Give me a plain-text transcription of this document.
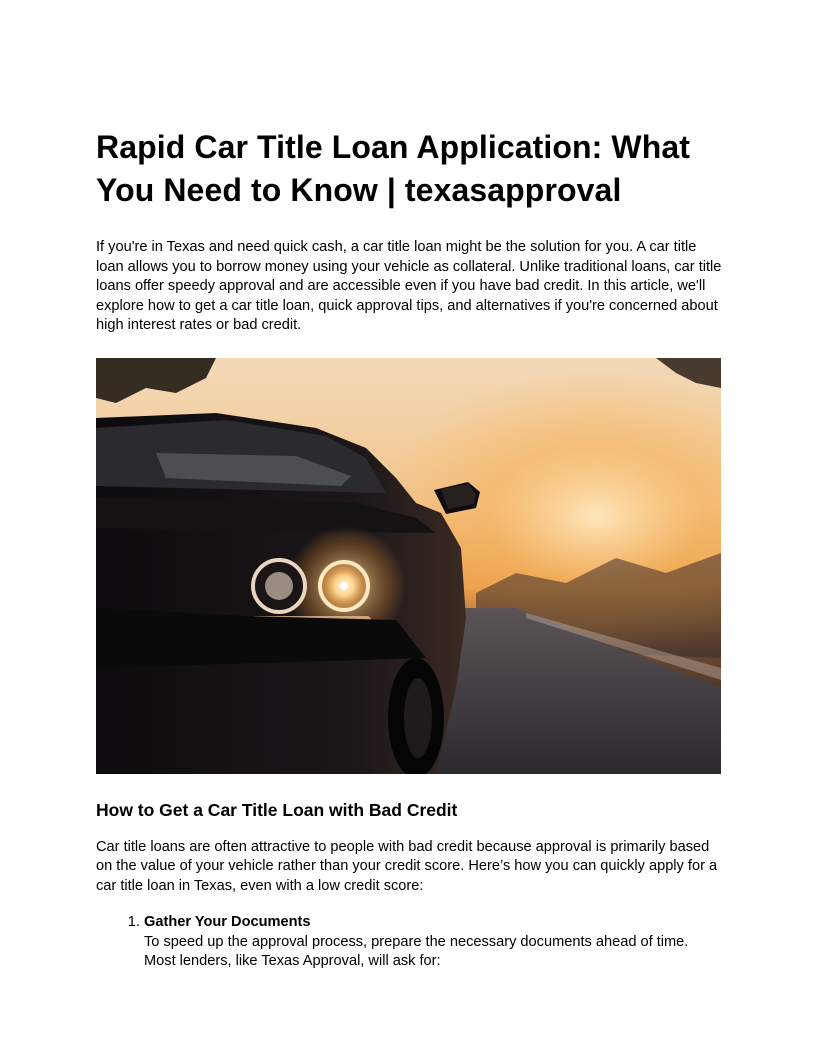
Rapid Car Title Loan Application: What You Need to Know | texasapproval

If you're in Texas and need quick cash, a car title loan might be the solution for you. A car title loan allows you to borrow money using your vehicle as collateral. Unlike traditional loans, car title loans offer speedy approval and are accessible even if you have bad credit. In this article, we'll explore how to get a car title loan, quick approval tips, and alternatives if you're concerned about high interest rates or bad credit.

How to Get a Car Title Loan with Bad Credit

Car title loans are often attractive to people with bad credit because approval is primarily based on the value of your vehicle rather than your credit score. Here’s how you can quickly apply for a car title loan in Texas, even with a low credit score:

1. Gather Your Documents
To speed up the approval process, prepare the necessary documents ahead of time. Most lenders, like Texas Approval, will ask for:
